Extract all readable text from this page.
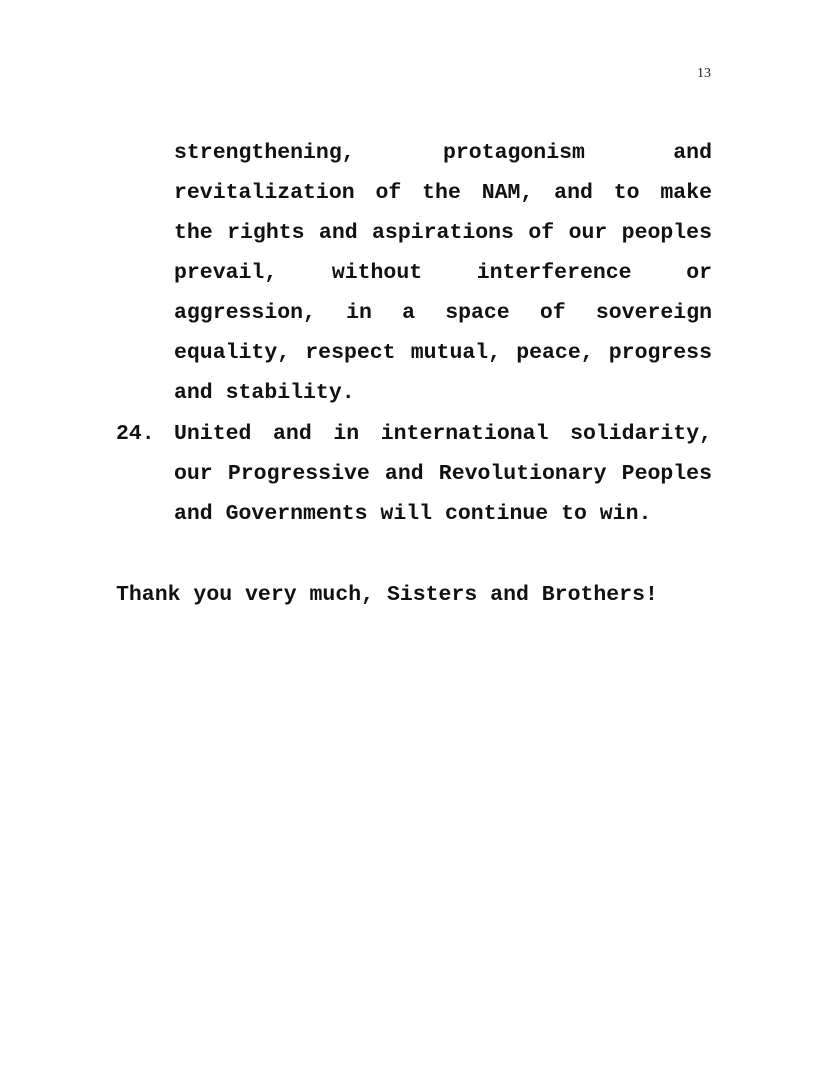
13
strengthening, protagonism and revitalization of the NAM, and to make the rights and aspirations of our peoples prevail, without interference or aggression, in a space of sovereign equality, respect mutual, peace, progress and stability.
24. United and in international solidarity, our Progressive and Revolutionary Peoples and Governments will continue to win.
Thank you very much, Sisters and Brothers!
